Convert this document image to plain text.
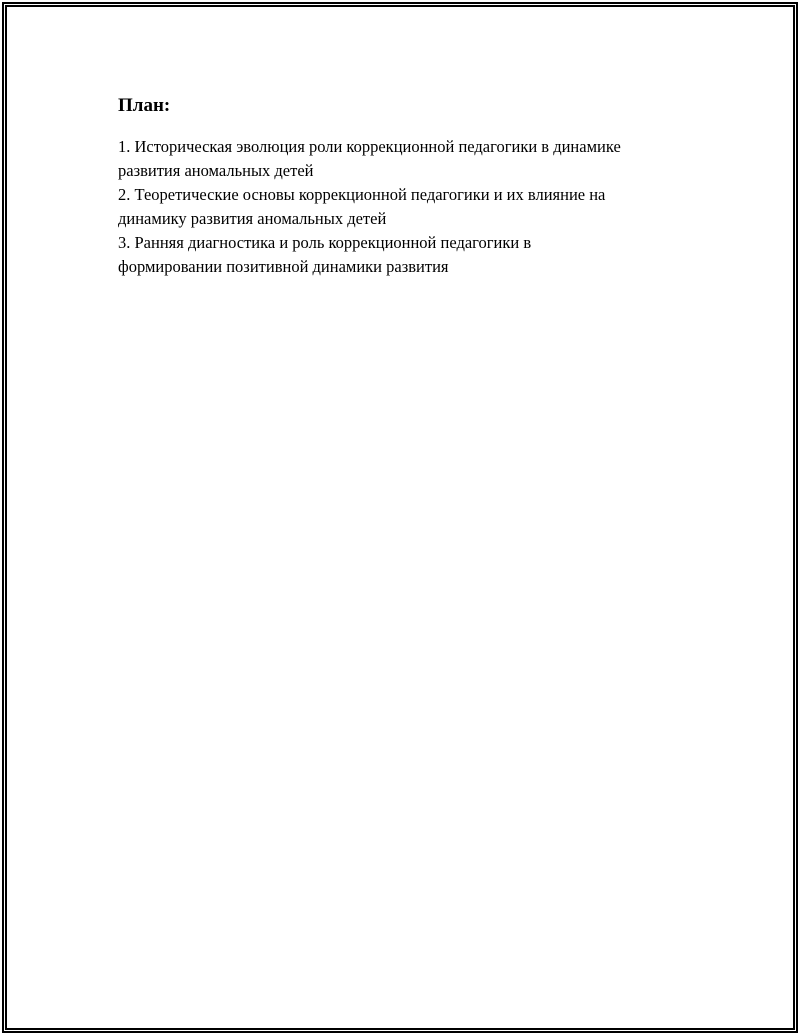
План:
1. Историческая эволюция роли коррекционной педагогики в динамике
развития аномальных детей
2. Теоретические основы коррекционной педагогики и их влияние на
динамику развития аномальных детей
3. Ранняя диагностика и роль коррекционной педагогики в
формировании позитивной динамики развития
